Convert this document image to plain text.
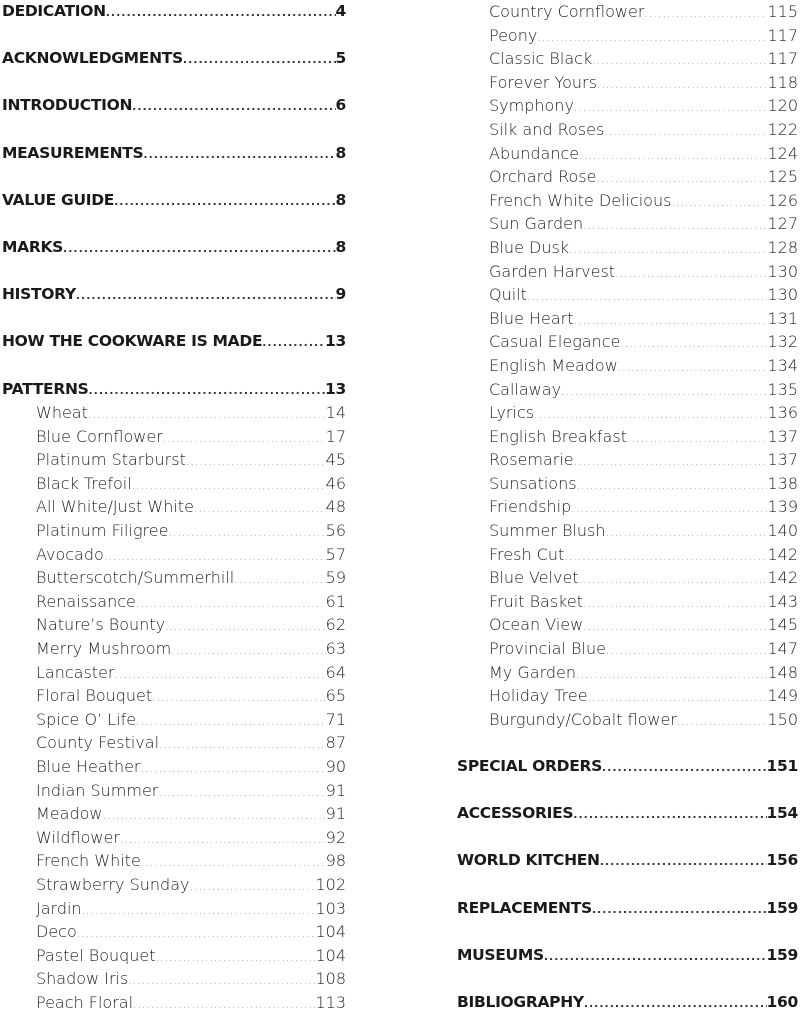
DEDICATION .....	4
ACKNOWLEDGMENTS .....	5
INTRODUCTION .....	6
MEASUREMENTS .....	8
VALUE GUIDE .....	8
MARKS .....	8
HISTORY .....	9
HOW THE COOKWARE IS MADE .....	13
PATTERNS .....	13
Wheat .....	14
Blue Cornflower .....	17
Platinum Starburst .....	45
Black Trefoil .....	46
All White/Just White .....	48
Platinum Filigree .....	56
Avocado .....	57
Butterscotch/Summerhill .....	59
Renaissance .....	61
Nature’s Bounty .....	62
Merry Mushroom .....	63
Lancaster .....	64
Floral Bouquet .....	65
Spice O’ Life .....	71
County Festival .....	87
Blue Heather .....	90
Indian Summer .....	91
Meadow .....	91
Wildflower .....	92
French White .....	98
Strawberry Sunday .....	102
Jardin .....	103
Deco .....	104
Pastel Bouquet .....	104
Shadow Iris .....	108
Peach Floral .....	113
Country Cornflower .....	115
Peony .....	117
Classic Black .....	117
Forever Yours .....	118
Symphony .....	120
Silk and Roses .....	122
Abundance .....	124
Orchard Rose .....	125
French White Delicious .....	126
Sun Garden .....	127
Blue Dusk .....	128
Garden Harvest .....	130
Quilt .....	130
Blue Heart .....	131
Casual Elegance .....	132
English Meadow .....	134
Callaway .....	135
Lyrics .....	136
English Breakfast .....	137
Rosemarie .....	137
Sunsations .....	138
Friendship .....	139
Summer Blush .....	140
Fresh Cut .....	142
Blue Velvet .....	142
Fruit Basket .....	143
Ocean View .....	145
Provincial Blue .....	147
My Garden .....	148
Holiday Tree .....	149
Burgundy/Cobalt flower .....	150
SPECIAL ORDERS .....	151
ACCESSORIES .....	154
WORLD KITCHEN .....	156
REPLACEMENTS .....	159
MUSEUMS .....	159
BIBLIOGRAPHY .....	160
